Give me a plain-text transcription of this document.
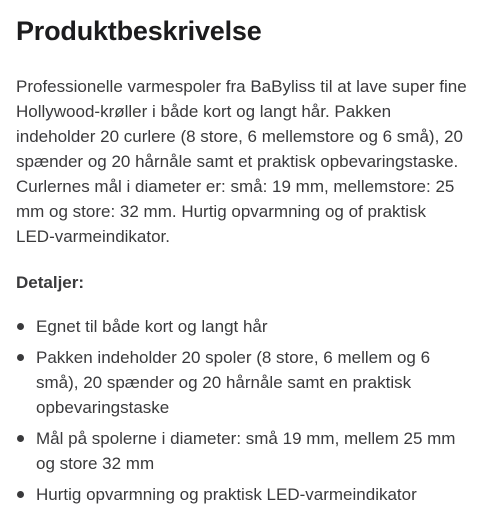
Produktbeskrivelse

Professionelle varmespoler fra BaByliss til at lave super fine Hollywood-krøller i både kort og langt hår. Pakken indeholder 20 curlere (8 store, 6 mellemstore og 6 små), 20 spænder og 20 hårnåle samt et praktisk opbevaringstaske. Curlernes mål i diameter er: små: 19 mm, mellemstore: 25 mm og store: 32 mm. Hurtig opvarmning og of praktisk LED-varmeindikator.

Detaljer:
Egnet til både kort og langt hår
Pakken indeholder 20 spoler (8 store, 6 mellem og 6 små), 20 spænder og 20 hårnåle samt en praktisk opbevaringstaske
Mål på spolerne i diameter: små 19 mm, mellem 25 mm og store 32 mm
Hurtig opvarmning og praktisk LED-varmeindikator
